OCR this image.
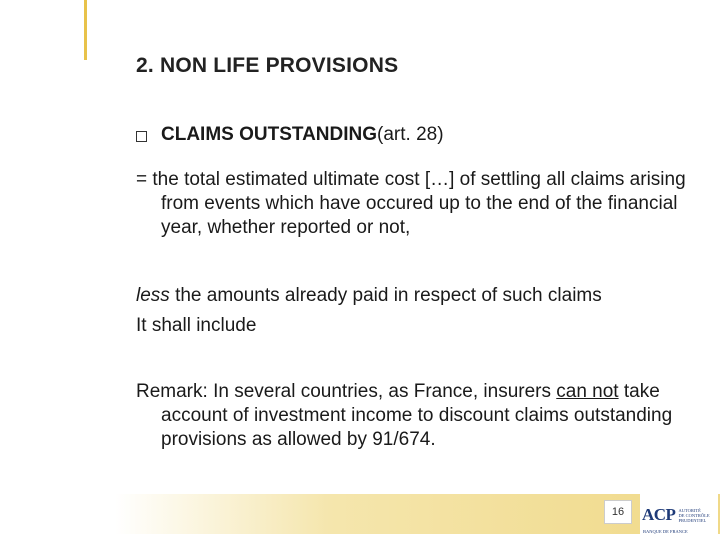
2. NON LIFE PROVISIONS
CLAIMS OUTSTANDING (art. 28)

= the total estimated ultimate cost […] of settling all claims arising from events which have occured up to the end of the financial year, whether reported or not,

less the amounts already paid in respect of such claims

It shall include

Remark: In several countries, as France, insurers can not take account of investment income to discount claims outstanding provisions as allowed by 91/674.

16	ACP AUTORITÉ
DE CONTRÔLE
PRUDENTIEL
BANQUE DE FRANCE
